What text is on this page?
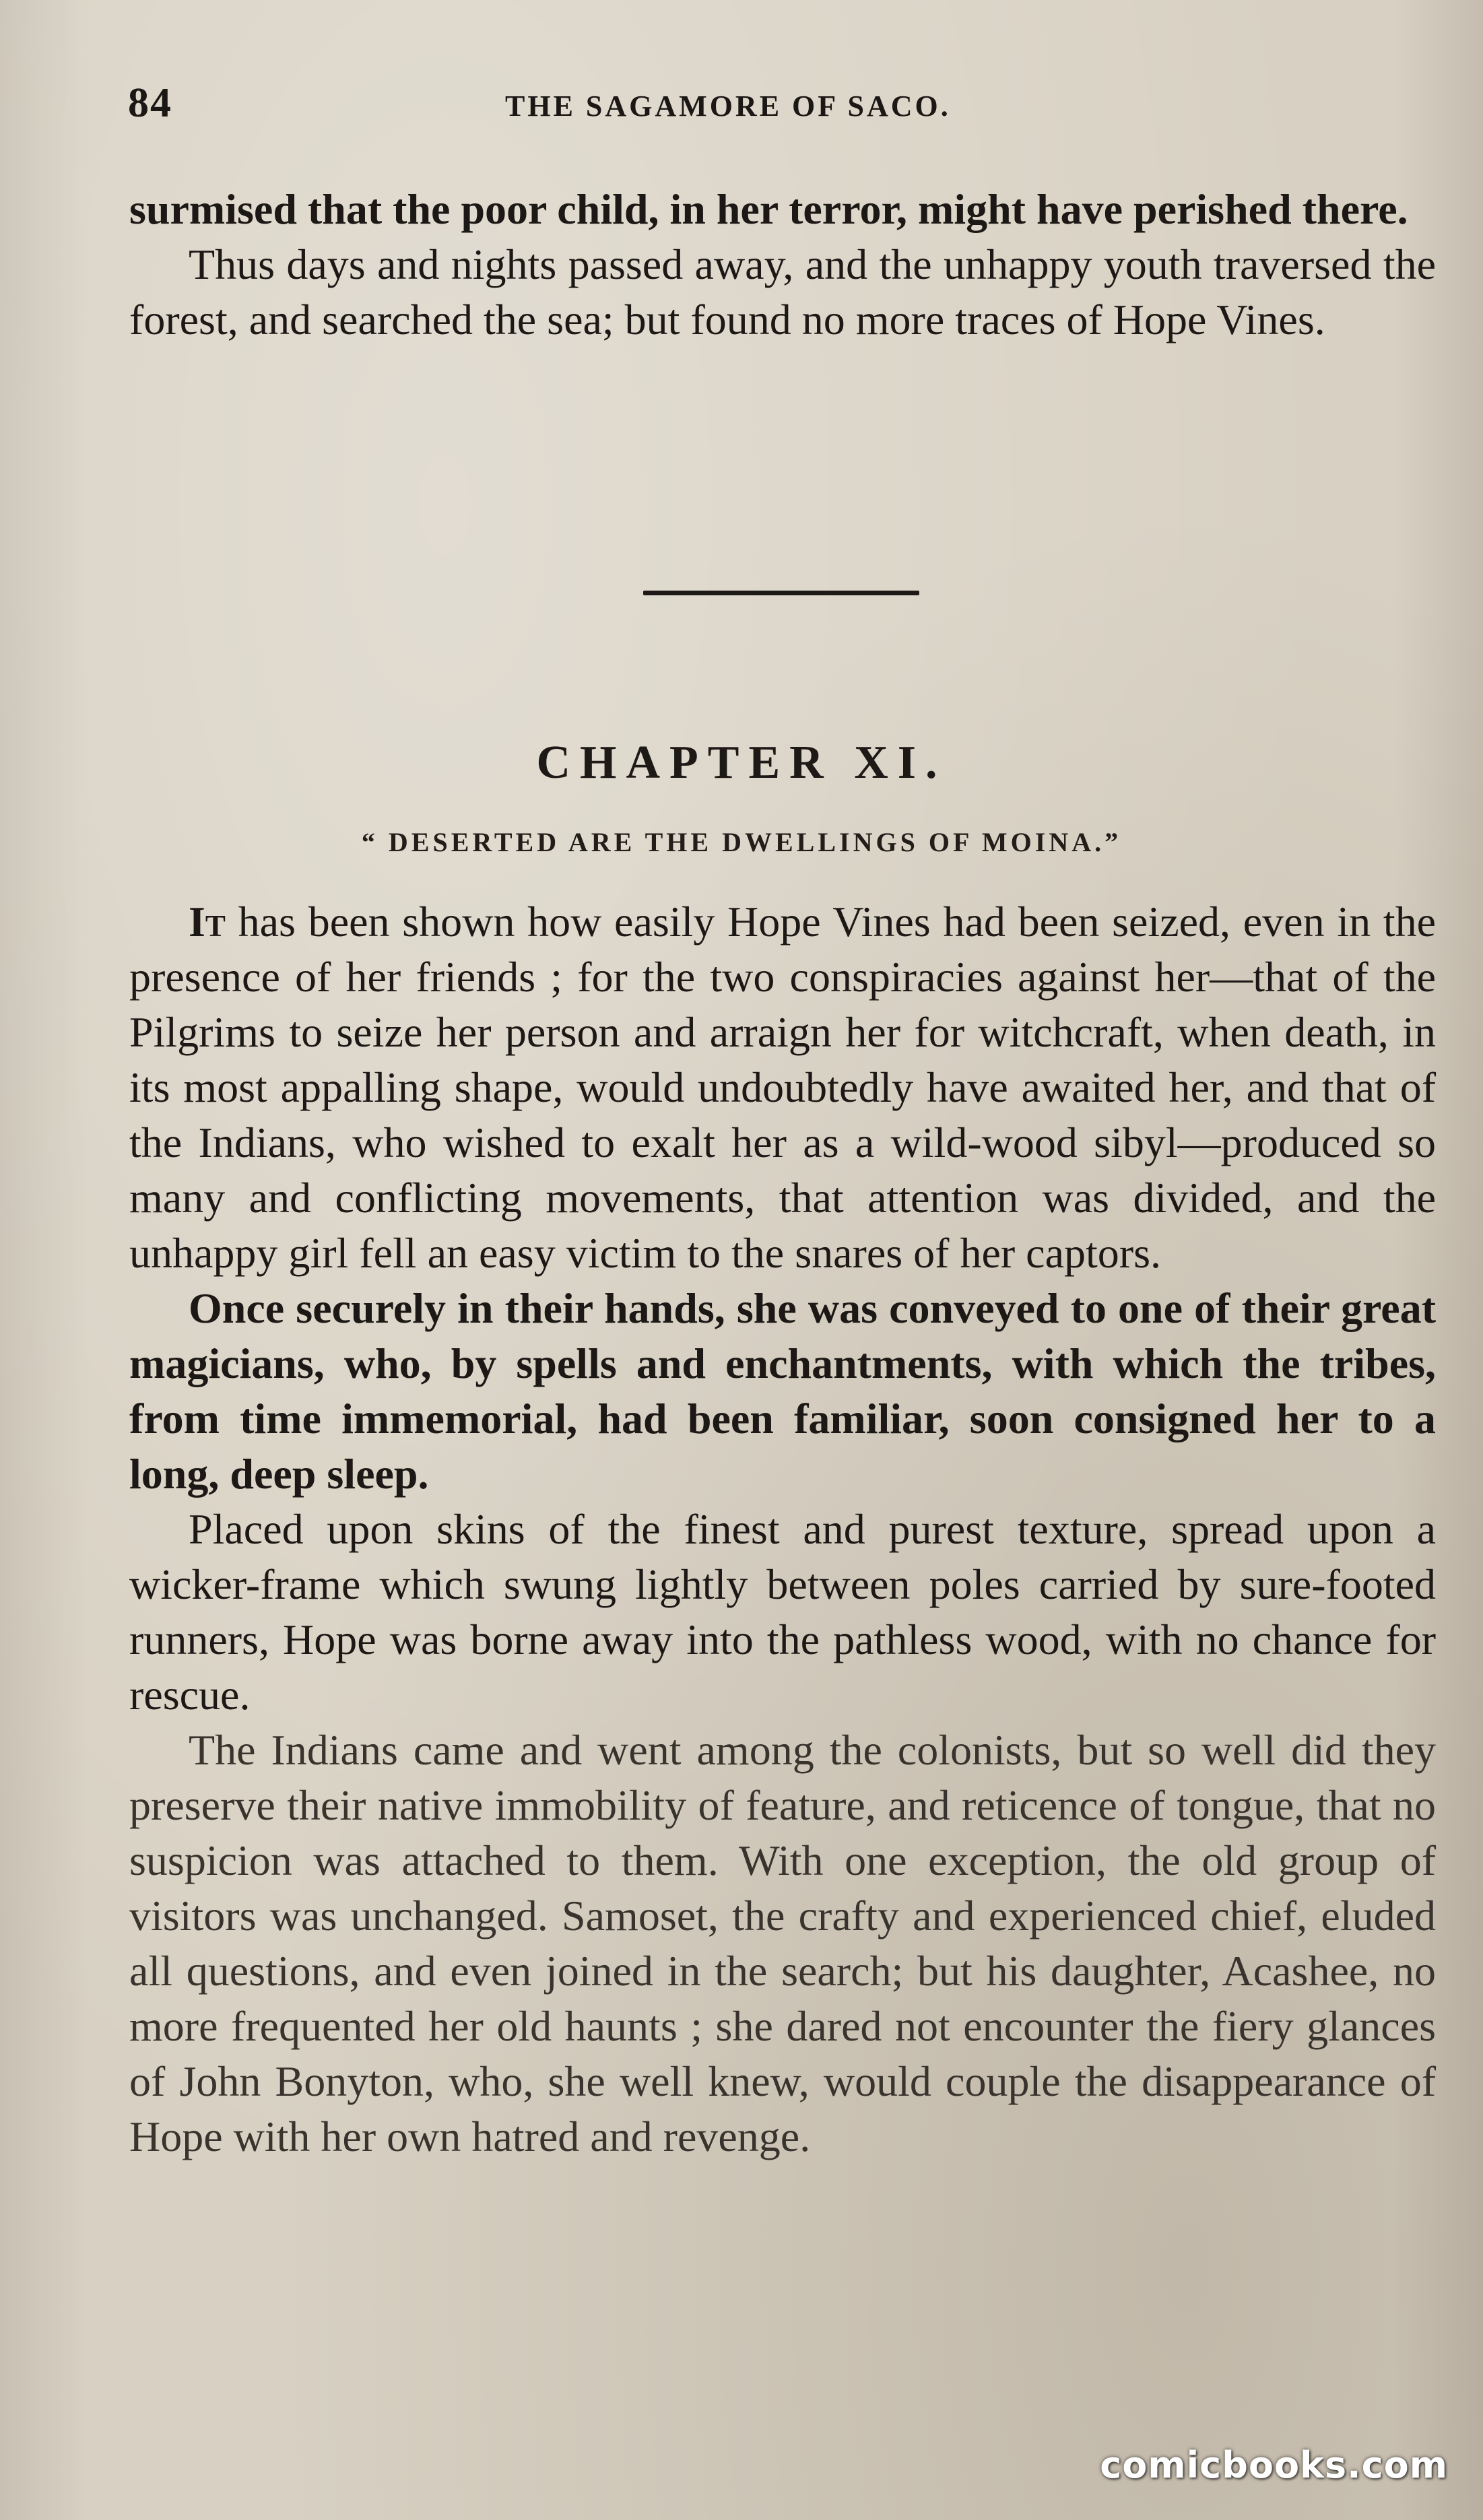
84	THE SAGAMORE OF SACO.

surmised that the poor child, in her terror, might have perished there.

Thus days and nights passed away, and the unhappy youth traversed the forest, and searched the sea; but found no more traces of Hope Vines.

CHAPTER XI.
“ DESERTED ARE THE DWELLINGS OF MOINA.”

It has been shown how easily Hope Vines had been seized, even in the presence of her friends ; for the two conspiracies against her—that of the Pilgrims to seize her person and arraign her for witchcraft, when death, in its most appalling shape, would undoubtedly have awaited her, and that of the Indians, who wished to exalt her as a wild-wood sibyl—produced so many and conflicting movements, that attention was divided, and the unhappy girl fell an easy victim to the snares of her captors.

Once securely in their hands, she was conveyed to one of their great magicians, who, by spells and enchantments, with which the tribes, from time immemorial, had been familiar, soon consigned her to a long, deep sleep.

Placed upon skins of the finest and purest texture, spread upon a wicker-frame which swung lightly between poles carried by sure-footed runners, Hope was borne away into the pathless wood, with no chance for rescue.

The Indians came and went among the colonists, but so well did they preserve their native immobility of feature, and reticence of tongue, that no suspicion was attached to them. With one exception, the old group of visitors was unchanged. Samoset, the crafty and experienced chief, eluded all questions, and even joined in the search; but his daughter, Acashee, no more frequented her old haunts ; she dared not encounter the fiery glances of John Bonyton, who, she well knew, would couple the disappearance of Hope with her own hatred and revenge.

comicbooks.com
